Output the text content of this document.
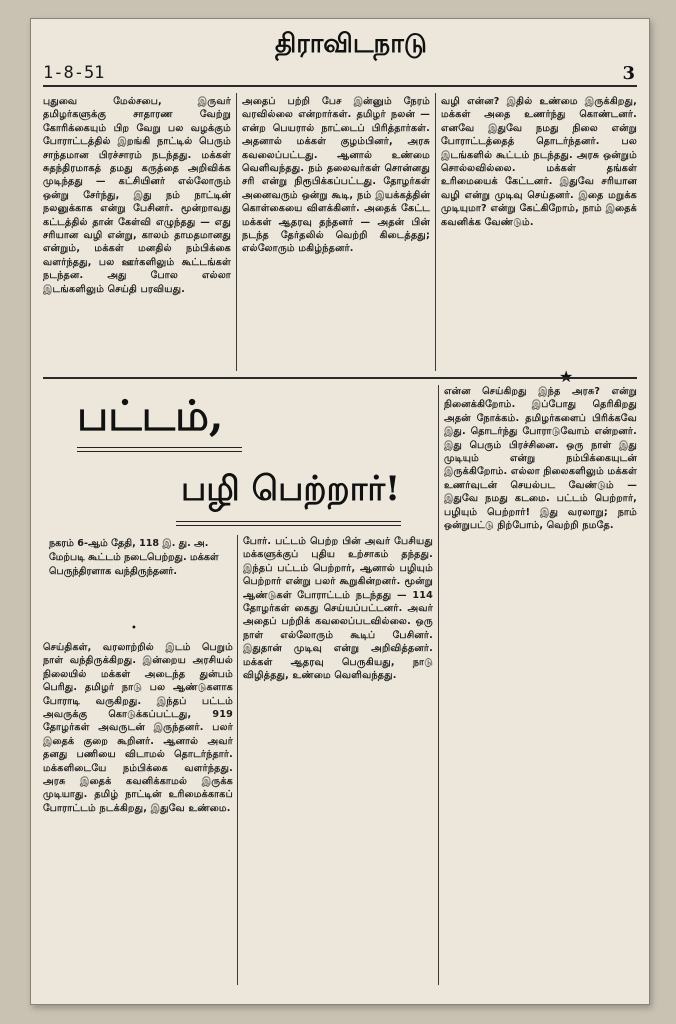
1-8-51
திராவிடநாடு
3
புதுவை மேல்சபை, இருவர் தமிழர்களுக்கு சாதாரண வேற்று கோரிக்கையும் பிற வேறு பல வழக்கும் போராட்டத்தில் இறங்கி நாட்டில் பெரும் சாந்தமான பிரச்சாரம் நடந்தது. மக்கள் சுதந்திரமாகத் தமது கருத்தை அறிவிக்க முடிந்தது — கட்சியினர் எல்லோரும் ஒன்று சேர்ந்து, இது நம் நாட்டின் நலனுக்காக என்று பேசினர். மூன்றாவது கட்டத்தில் தான் கேள்வி எழுந்தது — எது சரியான வழி என்று, காலம் தாமதமானது என்றும், மக்கள் மனதில் நம்பிக்கை வளர்ந்தது, பல ஊர்களிலும் கூட்டங்கள் நடந்தன. அது போல எல்லா இடங்களிலும் செய்தி பரவியது.
அதைப் பற்றி பேச இன்னும் நேரம் வரவில்லை என்றார்கள். தமிழர் நலன் — என்ற பெயரால் நாட்டைப் பிரித்தார்கள். அதனால் மக்கள் குழம்பினர், அரசு கவலைப்பட்டது. ஆனால் உண்மை வெளிவந்தது. நம் தலைவர்கள் சொன்னது சரி என்று நிரூபிக்கப்பட்டது. தோழர்கள் அனைவரும் ஒன்று கூடி, நம் இயக்கத்தின் கொள்கையை விளக்கினர். அதைக் கேட்ட மக்கள் ஆதரவு தந்தனர் — அதன் பின் நடந்த தேர்தலில் வெற்றி கிடைத்தது; எல்லோரும் மகிழ்ந்தனர்.
வழி என்ன? இதில் உண்மை இருக்கிறது, மக்கள் அதை உணர்ந்து கொண்டனர். எனவே இதுவே நமது நிலை என்று போராட்டத்தைத் தொடர்ந்தனர். பல இடங்களில் கூட்டம் நடந்தது. அரசு ஒன்றும் சொல்லவில்லை. மக்கள் தங்கள் உரிமையைக் கேட்டனர். இதுவே சரியான வழி என்று முடிவு செய்தனர். இதை மறுக்க முடியுமா? என்று கேட்கிறோம், நாம் இதைக் கவனிக்க வேண்டும்.
பட்டம்,
பழி பெற்றார்!
நகரம் 6-ஆம் தேதி, 118 இ. து. அ. மேற்படி கூட்டம் நடைபெற்றது. மக்கள் பெருந்திரளாக வந்திருந்தனர்.
•
செய்திகள், வரலாற்றில் இடம் பெறும் நாள் வந்திருக்கிறது. இன்றைய அரசியல் நிலையில் மக்கள் அடைந்த துன்பம் பெரிது. தமிழர் நாடு பல ஆண்டுகளாக போராடி வருகிறது. இந்தப் பட்டம் அவருக்கு கொடுக்கப்பட்டது, 919 தோழர்கள் அவருடன் இருந்தனர். பலர் இதைக் குறை கூறினர். ஆனால் அவர் தனது பணியை விடாமல் தொடர்ந்தார். மக்களிடையே நம்பிக்கை வளர்ந்தது. அரசு இதைக் கவனிக்காமல் இருக்க முடியாது. தமிழ் நாட்டின் உரிமைக்காகப் போராட்டம் நடக்கிறது, இதுவே உண்மை.
போர். பட்டம் பெற்ற பின் அவர் பேசியது மக்களுக்குப் புதிய உற்சாகம் தந்தது. இந்தப் பட்டம் பெற்றார், ஆனால் பழியும் பெற்றார் என்று பலர் கூறுகின்றனர். மூன்று ஆண்டுகள் போராட்டம் நடந்தது — 114 தோழர்கள் கைது செய்யப்பட்டனர். அவர் அதைப் பற்றிக் கவலைப்படவில்லை. ஒரு நாள் எல்லோரும் கூடிப் பேசினர். இதுதான் முடிவு என்று அறிவித்தனர். மக்கள் ஆதரவு பெருகியது, நாடு விழித்தது, உண்மை வெளிவந்தது.
என்ன செய்கிறது இந்த அரசு? என்று நினைக்கிறோம். இப்போது தெரிகிறது அதன் நோக்கம். தமிழர்களைப் பிரிக்கவே இது. தொடர்ந்து போராடுவோம் என்றனர். இது பெரும் பிரச்சினை. ஒரு நாள் இது முடியும் என்று நம்பிக்கையுடன் இருக்கிறோம். எல்லா நிலைகளிலும் மக்கள் உணர்வுடன் செயல்பட வேண்டும் — இதுவே நமது கடமை. பட்டம் பெற்றார், பழியும் பெற்றார்! இது வரலாறு; நாம் ஒன்றுபட்டு நிற்போம், வெற்றி நமதே.
